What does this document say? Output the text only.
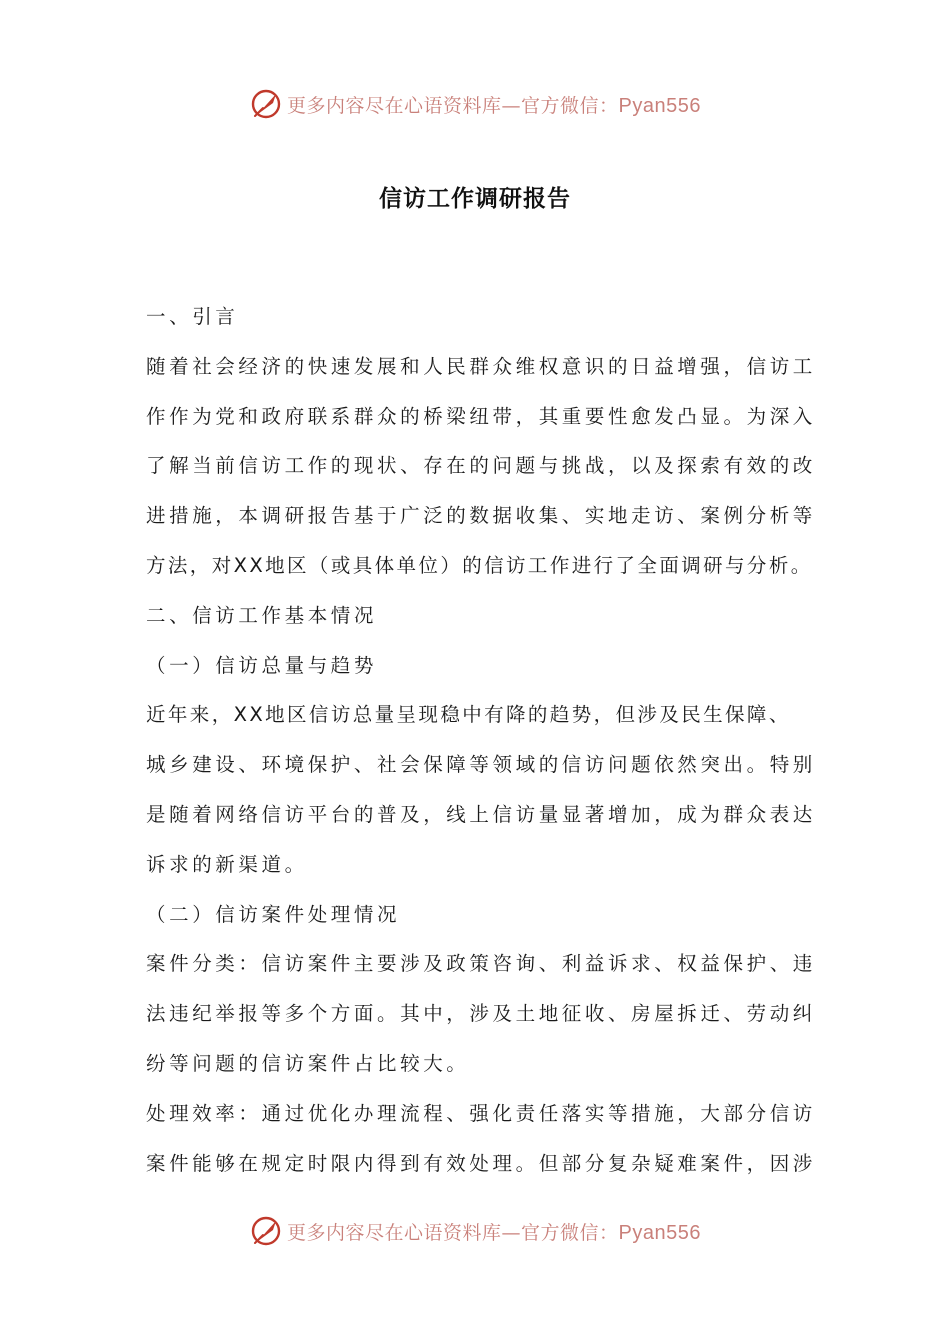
更多内容尽在心语资料库—官方微信：Pyan556
信访工作调研报告
一、引言
随着社会经济的快速发展和人民群众维权意识的日益增强，信访工
作作为党和政府联系群众的桥梁纽带，其重要性愈发凸显。为深入
了解当前信访工作的现状、存在的问题与挑战，以及探索有效的改
进措施，本调研报告基于广泛的数据收集、实地走访、案例分析等
方法，对XX地区（或具体单位）的信访工作进行了全面调研与分析。
二、信访工作基本情况
（一）信访总量与趋势
近年来，XX地区信访总量呈现稳中有降的趋势，但涉及民生保障、
城乡建设、环境保护、社会保障等领域的信访问题依然突出。特别
是随着网络信访平台的普及，线上信访量显著增加，成为群众表达
诉求的新渠道。
（二）信访案件处理情况
案件分类：信访案件主要涉及政策咨询、利益诉求、权益保护、违
法违纪举报等多个方面。其中，涉及土地征收、房屋拆迁、劳动纠
纷等问题的信访案件占比较大。
处理效率：通过优化办理流程、强化责任落实等措施，大部分信访
案件能够在规定时限内得到有效处理。但部分复杂疑难案件，因涉
更多内容尽在心语资料库—官方微信：Pyan556
